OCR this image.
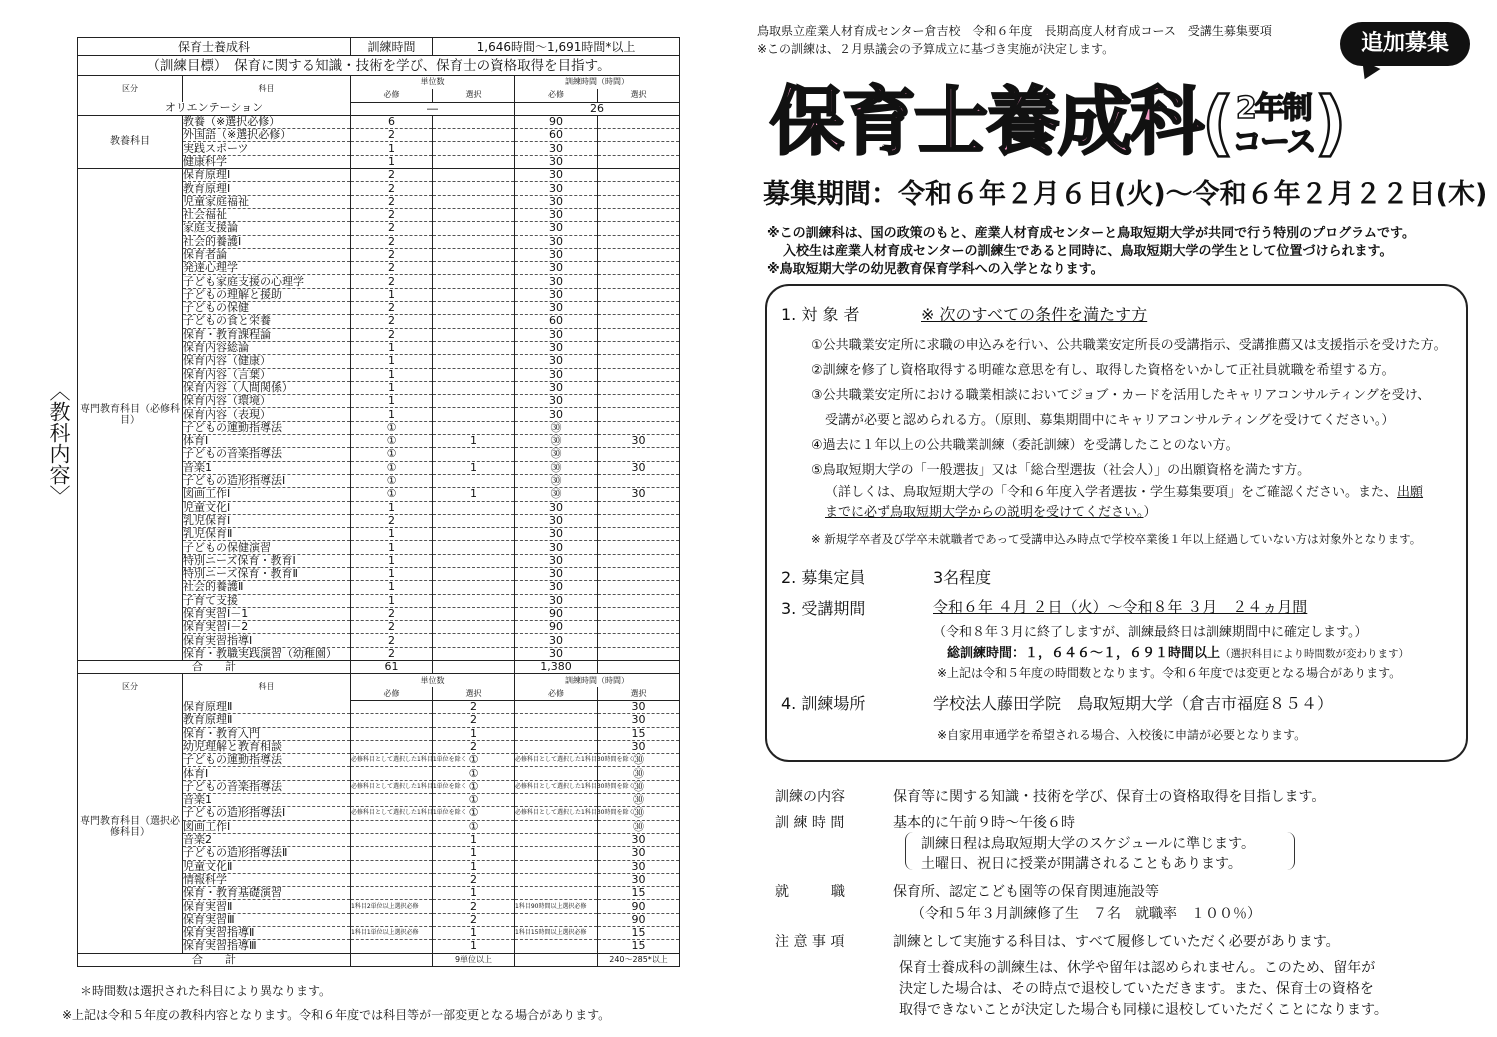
〈教科内容〉
保育士養成科		訓練時間	1,646時間～1,691時間*以上		
（訓練目標）　保育に関する知識・技術を学び、保育士の資格取得を目指す。					
区分	科目	単位数		訓練時間（時間）	
		必修	選択	必修	選択
オリエンテーション		―		26	
教養科目	教養（※選択必修）	6		90	
	外国語（※選択必修）	2		60	
	実践スポーツ	1		30	
	健康科学	1		30	
専門教育科目（必修科目）	保育原理Ⅰ	2		30	
	教育原理Ⅰ	2		30	
	児童家庭福祉	2		30	
	社会福祉	2		30	
	家庭支援論	2		30	
	社会的養護Ⅰ	2		30	
	保育者論	2		30	
	発達心理学	2		30	
	子ども家庭支援の心理学	2		30	
	子どもの理解と援助	1		30	
	子どもの保健	2		30	
	子どもの食と栄養	2		60	
	保育・教育課程論	2		30	
	保育内容総論	1		30	
	保育内容（健康）	1		30	
	保育内容（言葉）	1		30	
	保育内容（人間関係）	1		30	
	保育内容（環境）	1		30	
	保育内容（表現）	1		30	
	子どもの運動指導法	①		㉚	
	体育Ⅰ	①	1	㉚	30
	子どもの音楽指導法	①		㉚	
	音楽1	①	1	㉚	30
	子どもの造形指導法Ⅰ	①		㉚	
	図画工作Ⅰ	①	1	㉚	30
	児童文化Ⅰ	1		30	
	乳児保育Ⅰ	2		30	
	乳児保育Ⅱ	1		30	
	子どもの保健演習	1		30	
	特別ニーズ保育・教育Ⅰ	1		30	
	特別ニーズ保育・教育Ⅱ	1		30	
	社会的養護Ⅱ	1		30	
	子育て支援	1		30	
	保育実習Ⅰ－1	2		90	
	保育実習Ⅰ－2	2		90	
	保育実習指導Ⅰ	2		30	
	保育・教職実践演習（幼稚園）	2		30	
合　　計		61		1,380	
区分	科目	単位数		訓練時間（時間）	
		必修	選択	必修	選択
専門教育科目（選択必修科目）	保育原理Ⅱ		2		30
	教育原理Ⅱ		2		30
	保育・教育入門		1		15
	幼児理解と教育相談		2		30
	子どもの運動指導法	必修科目として選択した1科目1単位を除く	①	必修科目として選択した1科目30時間を除く	㉚
	体育Ⅰ		①		㉚
	子どもの音楽指導法	必修科目として選択した1科目1単位を除く	①	必修科目として選択した1科目30時間を除く	㉚
	音楽1		①		㉚
	子どもの造形指導法Ⅰ	必修科目として選択した1科目1単位を除く	①	必修科目として選択した1科目30時間を除く	㉚
	図画工作Ⅰ		①		㉚
	音楽2		1		30
	子どもの造形指導法Ⅱ		1		30
	児童文化Ⅱ		1		30
	情報科学		2		30
	保育・教育基礎演習		1		15
	保育実習Ⅱ	1科目2単位以上選択必修	2	1科目90時間以上選択必修	90
	保育実習Ⅲ		2		90
	保育実習指導Ⅱ	1科目1単位以上選択必修	1	1科目15時間以上選択必修	15
	保育実習指導Ⅲ		1		15
合　　計			9単位以上		240～285*以上
＊時間数は選択された科目により異なります。
※上記は令和５年度の教科内容となります。令和６年度では科目等が一部変更となる場合があります。
鳥取県立産業人材育成センター倉吉校　令和６年度　長期高度人材育成コース　受講生募集要項
※この訓練は、２月県議会の予算成立に基づき実施が決定します。	追加募集
保育士養成科( 2年制
コース)
募集期間：令和６年２月６日(火)～令和６年２月２２日(木)
※この訓練科は、国の政策のもと、産業人材育成センターと鳥取短期大学が共同で行う特別のプログラムです。
入校生は産業人材育成センターの訓練生であると同時に、鳥取短期大学の学生として位置づけられます。
※鳥取短期大学の幼児教育保育学科への入学となります。
1. 対 象 者	※ 次のすべての条件を満たす方
①公共職業安定所に求職の申込みを行い、公共職業安定所長の受講指示、受講推薦又は支援指示を受けた方。
②訓練を修了し資格取得する明確な意思を有し、取得した資格をいかして正社員就職を希望する方。
③公共職業安定所における職業相談においてジョブ・カードを活用したキャリアコンサルティングを受け、
受講が必要と認められる方。（原則、募集期間中にキャリアコンサルティングを受けてください。）
④過去に１年以上の公共職業訓練（委託訓練）を受講したことのない方。
⑤鳥取短期大学の「一般選抜」又は「総合型選抜（社会人）」の出願資格を満たす方。
（詳しくは、鳥取短期大学の「令和６年度入学者選抜・学生募集要項」をご確認ください。また、出願
までに必ず鳥取短期大学からの説明を受けてください。）
※ 新規学卒者及び学卒未就職者であって受講申込み時点で学校卒業後１年以上経過していない方は対象外となります。
2. 募集定員	3名程度
3. 受講期間	令和６年 ４月 ２日（火）～令和８年 ３月　２４ヵ月間
（令和８年３月に終了しますが、訓練最終日は訓練期間中に確定します。）
総訓練時間：１，６４６～１，６９１時間以上（選択科目により時間数が変わります）
※上記は令和５年度の時間数となります。令和６年度では変更となる場合があります。
4. 訓練場所	学校法人藤田学院　鳥取短期大学（倉吉市福庭８５４）
※自家用車通学を希望される場合、入校後に申請が必要となります。
訓練の内容	保育等に関する知識・技術を学び、保育士の資格取得を目指します。
訓 練 時 間	基本的に午前９時～午後６時
訓練日程は鳥取短期大学のスケジュールに準じます。
土曜日、祝日に授業が開講されることもあります。
就　　　職	保育所、認定こども園等の保育関連施設等
（令和５年３月訓練修了生　７名　就職率　１００％）
注 意 事 項	訓練として実施する科目は、すべて履修していただく必要があります。
保育士養成科の訓練生は、休学や留年は認められません。このため、留年が
決定した場合は、その時点で退校していただきます。また、保育士の資格を
取得できないことが決定した場合も同様に退校していただくことになります。
